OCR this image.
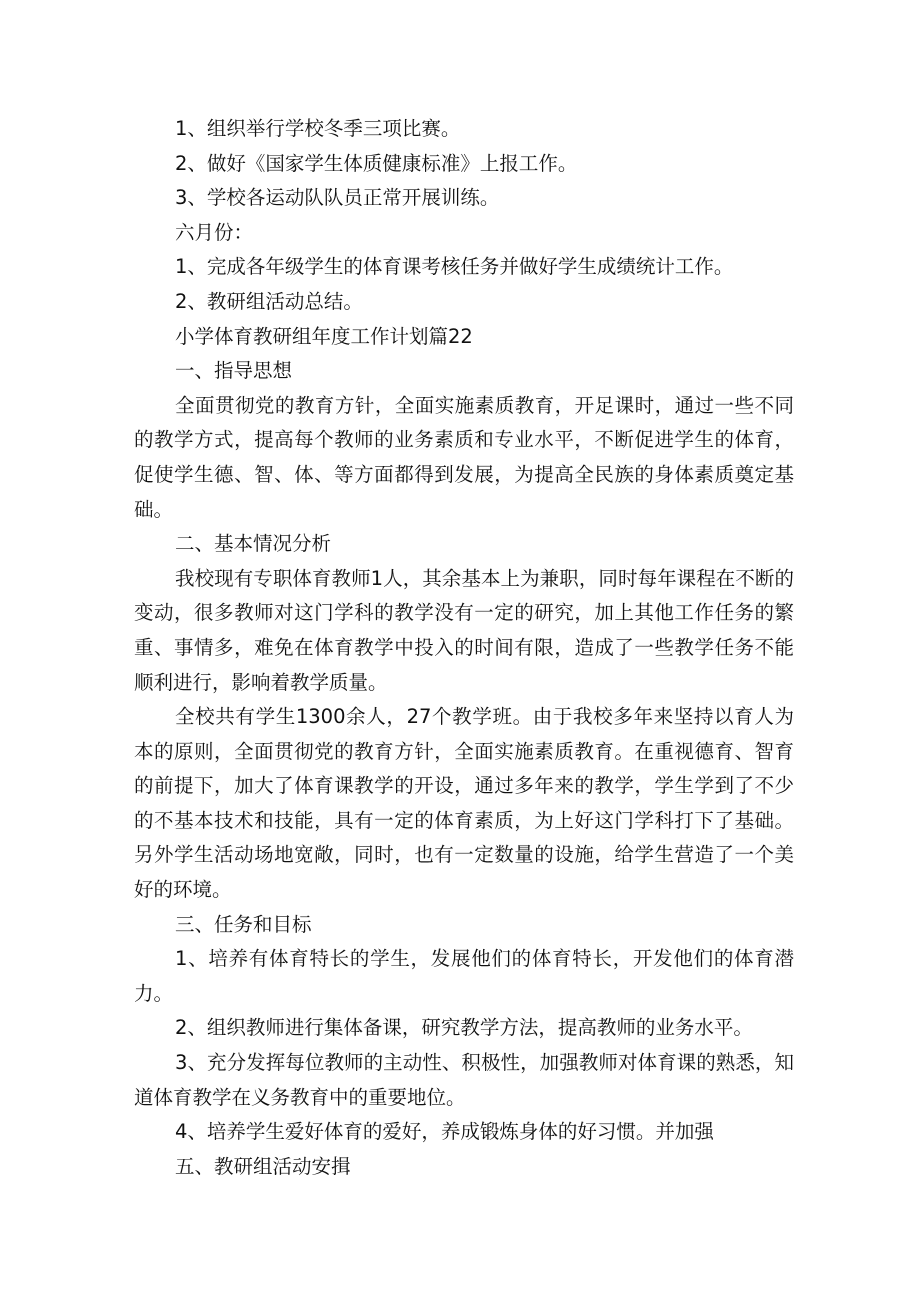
1、组织举行学校冬季三项比赛。

2、做好《国家学生体质健康标准》上报工作。

3、学校各运动队队员正常开展训练。

六月份：

1、完成各年级学生的体育课考核任务并做好学生成绩统计工作。

2、教研组活动总结。

小学体育教研组年度工作计划篇22

一、指导思想

全面贯彻党的教育方针，全面实施素质教育，开足课时，通过一些不同的教学方式，提高每个教师的业务素质和专业水平，不断促进学生的体育，促使学生德、智、体、等方面都得到发展，为提高全民族的身体素质奠定基础。

二、基本情况分析

我校现有专职体育教师1人，其余基本上为兼职，同时每年课程在不断的变动，很多教师对这门学科的教学没有一定的研究，加上其他工作任务的繁重、事情多，难免在体育教学中投入的时间有限，造成了一些教学任务不能顺利进行，影响着教学质量。

全校共有学生1300余人，27个教学班。由于我校多年来坚持以育人为本的原则，全面贯彻党的教育方针，全面实施素质教育。在重视德育、智育的前提下，加大了体育课教学的开设，通过多年来的教学，学生学到了不少的不基本技术和技能，具有一定的体育素质，为上好这门学科打下了基础。另外学生活动场地宽敞，同时，也有一定数量的设施，给学生营造了一个美好的环境。

三、任务和目标

1、培养有体育特长的学生，发展他们的体育特长，开发他们的体育潜力。

2、组织教师进行集体备课，研究教学方法，提高教师的业务水平。

3、充分发挥每位教师的主动性、积极性，加强教师对体育课的熟悉，知道体育教学在义务教育中的重要地位。

4、培养学生爱好体育的爱好，养成锻炼身体的好习惯。并加强

五、教研组活动安揖
